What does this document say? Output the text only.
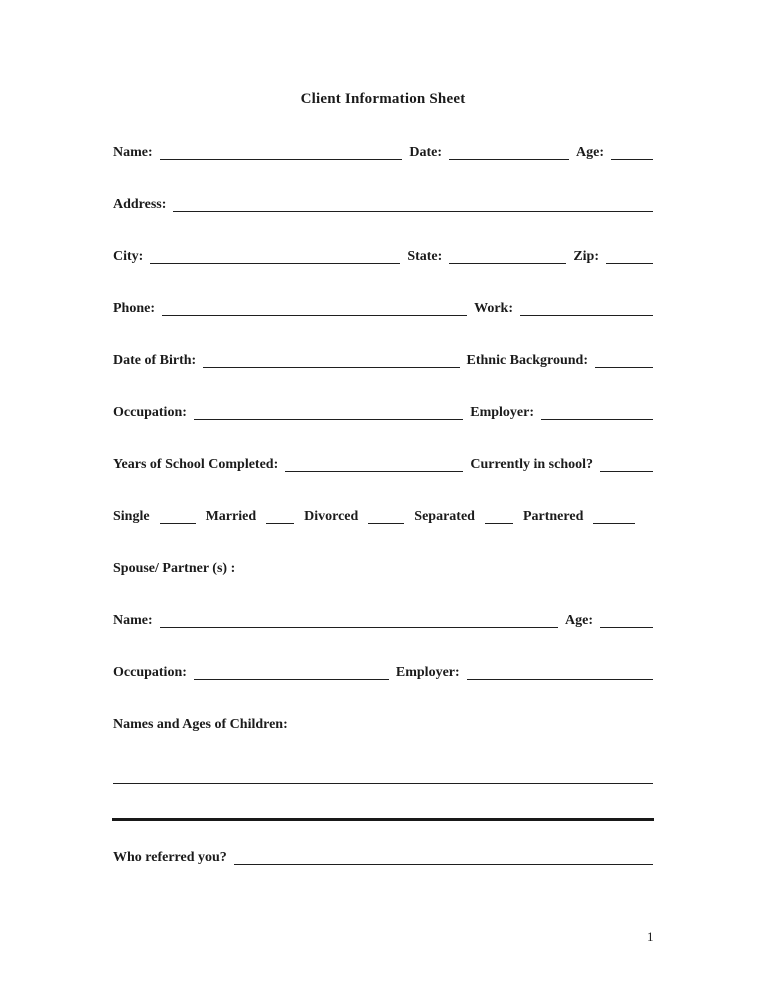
Client Information Sheet
Name:	Date:	Age:
Address:
City:	State:	Zip:
Phone:	Work:
Date of Birth:	Ethnic Background:
Occupation:	Employer:
Years of School Completed:	Currently in school?
Single	Married	Divorced	Separated	Partnered
Spouse/ Partner (s) :
Name:	Age:
Occupation:	Employer:
Names and Ages of Children:
Who referred you?
1
